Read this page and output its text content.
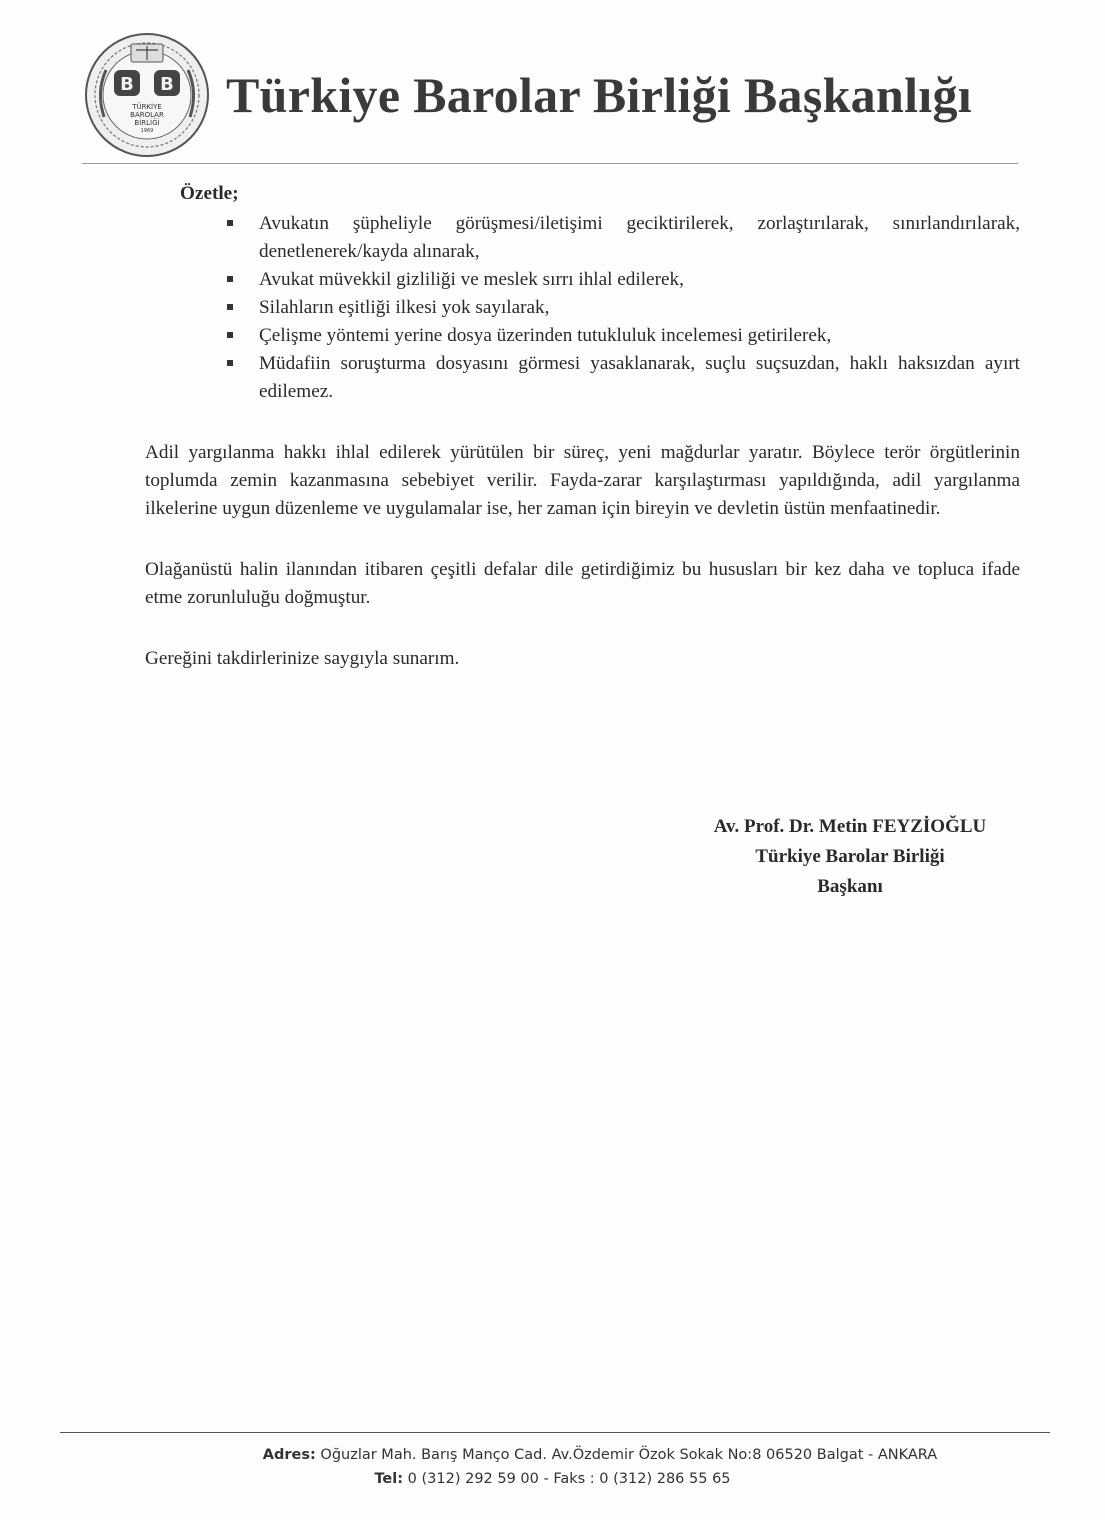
B B
TÜRKİYE
BAROLAR
BİRLİĞİ
1969
Türkiye Barolar Birliği Başkanlığı

Özetle;

Avukatın şüpheliyle görüşmesi/iletişimi geciktirilerek, zorlaştırılarak, sınırlandırılarak, denetlenerek/kayda alınarak,
Avukat müvekkil gizliliği ve meslek sırrı ihlal edilerek,
Silahların eşitliği ilkesi yok sayılarak,
Çelişme yöntemi yerine dosya üzerinden tutukluluk incelemesi getirilerek,
Müdafiin soruşturma dosyasını görmesi yasaklanarak, suçlu suçsuzdan, haklı haksızdan ayırt edilemez.

Adil yargılanma hakkı ihlal edilerek yürütülen bir süreç, yeni mağdurlar yaratır. Böylece terör örgütlerinin toplumda zemin kazanmasına sebebiyet verilir. Fayda-zarar karşılaştırması yapıldığında, adil yargılanma ilkelerine uygun düzenleme ve uygulamalar ise, her zaman için bireyin ve devletin üstün menfaatinedir.

Olağanüstü halin ilanından itibaren çeşitli defalar dile getirdiğimiz bu hususları bir kez daha ve topluca ifade etme zorunluluğu doğmuştur.

Gereğini takdirlerinize saygıyla sunarım.

Av. Prof. Dr. Metin FEYZİOĞLU
Türkiye Barolar Birliği
Başkanı
Adres: Oğuzlar Mah. Barış Manço Cad. Av.Özdemir Özok Sokak No:8 06520 Balgat - ANKARA
Tel: 0 (312) 292 59 00 - Faks : 0 (312) 286 55 65
